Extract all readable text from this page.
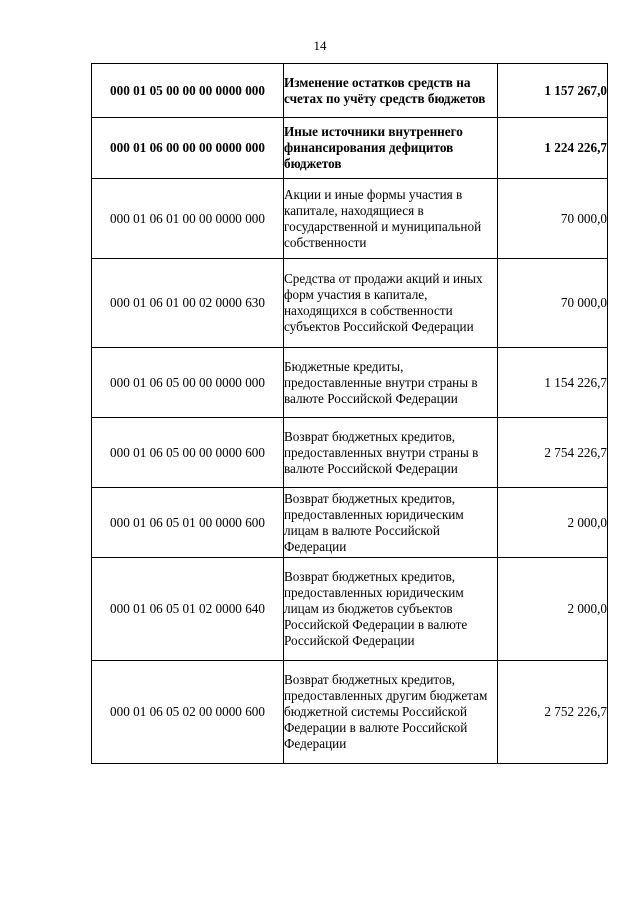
14
000 01 05 00 00 00 0000 000	Изменение остатков средств на счетах по учёту средств бюджетов	1 157 267,0
000 01 06 00 00 00 0000 000	Иные источники внутреннего финансирования дефицитов бюджетов	1 224 226,7
000 01 06 01 00 00 0000 000	Акции и иные формы участия в капитале, находящиеся в государственной и муниципальной собственности	70 000,0
000 01 06 01 00 02 0000 630	Средства от продажи акций и иных форм участия в капитале, находящихся в собственности субъектов Российской Федерации	70 000,0
000 01 06 05 00 00 0000 000	Бюджетные кредиты, предоставленные внутри страны в валюте Российской Федерации	1 154 226,7
000 01 06 05 00 00 0000 600	Возврат бюджетных кредитов, предоставленных внутри страны в валюте Российской Федерации	2 754 226,7
000 01 06 05 01 00 0000 600	Возврат бюджетных кредитов, предоставленных юридическим лицам в валюте Российской Федерации	2 000,0
000 01 06 05 01 02 0000 640	Возврат бюджетных кредитов, предоставленных юридическим лицам из бюджетов субъектов Российской Федерации в валюте Российской Федерации	2 000,0
000 01 06 05 02 00 0000 600	Возврат бюджетных кредитов, предоставленных другим бюджетам бюджетной системы Российской Федерации в валюте Российской Федерации	2 752 226,7
